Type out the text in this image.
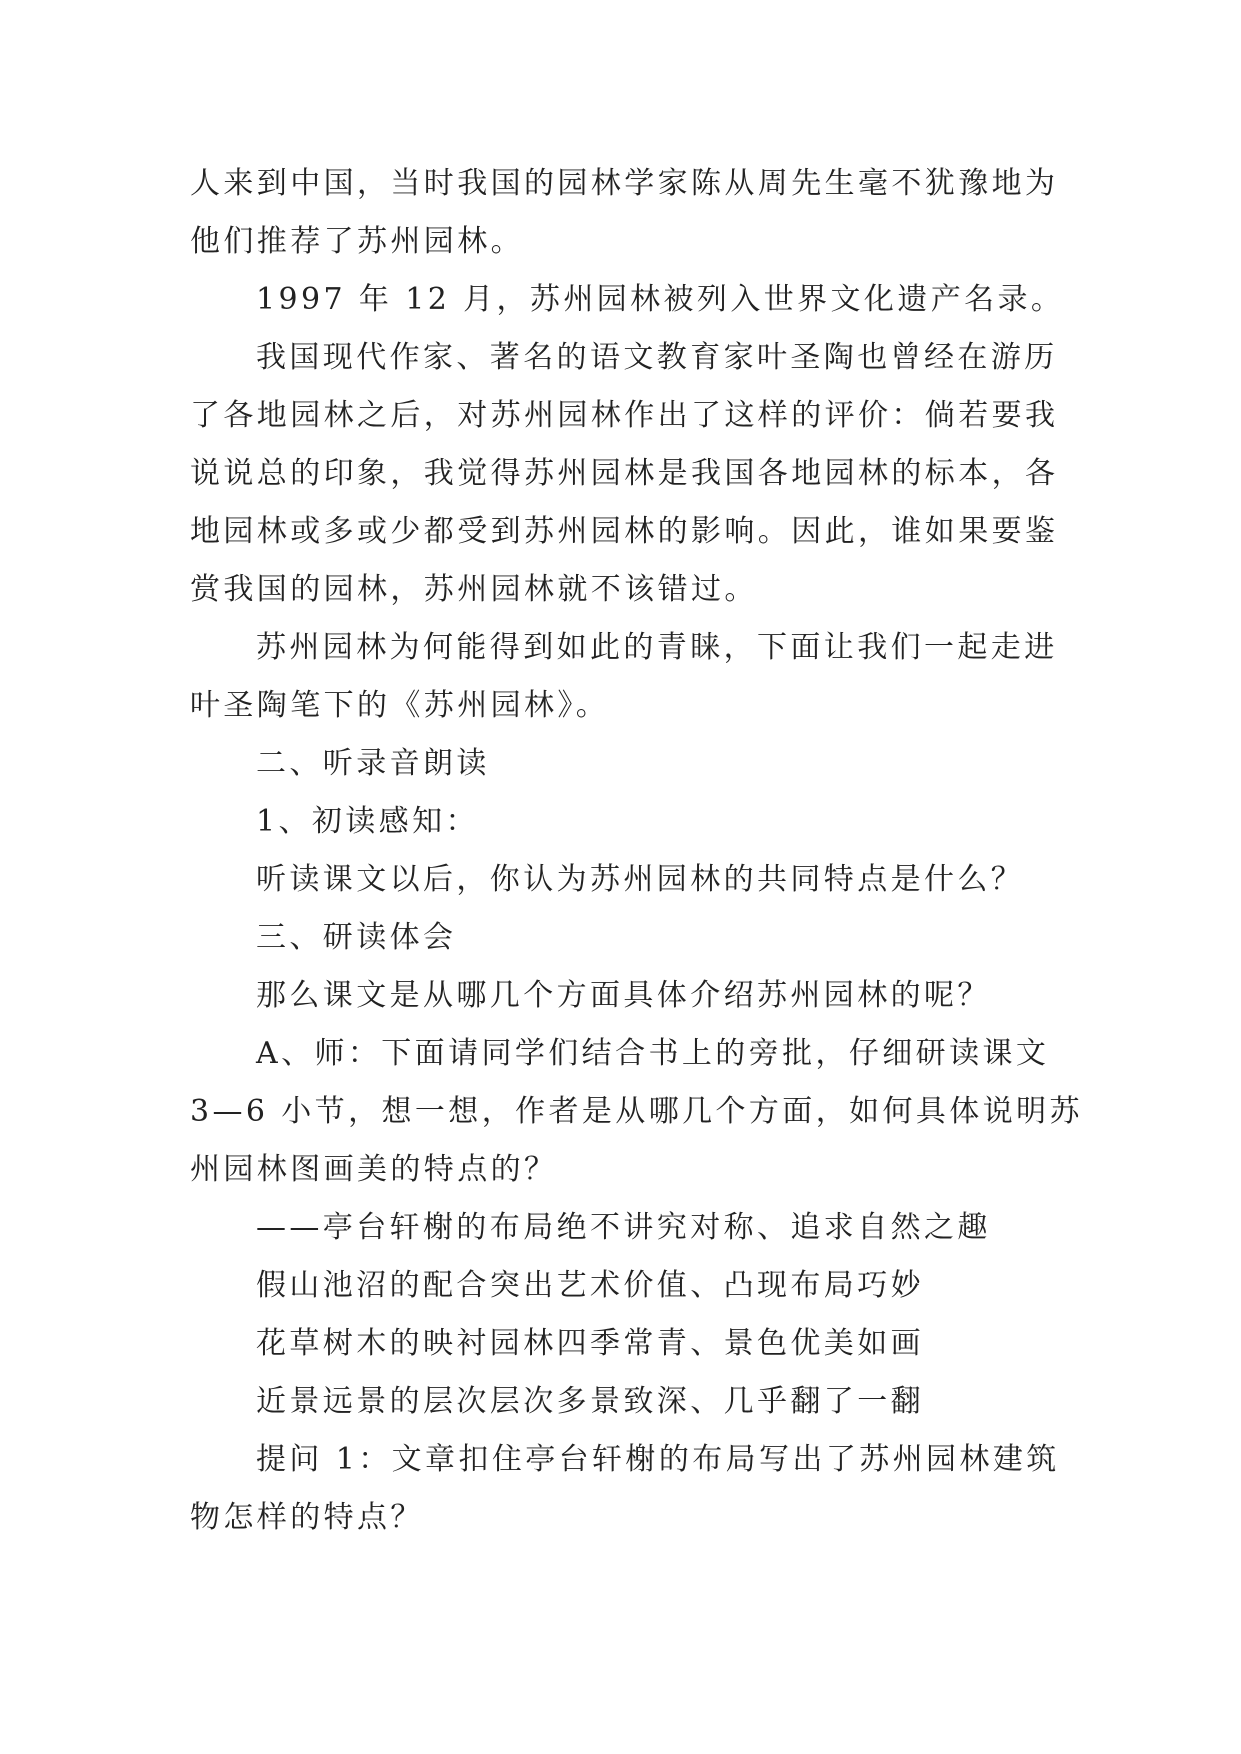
人来到中国，当时我国的园林学家陈从周先生毫不犹豫地为
他们推荐了苏州园林。
1997 年 12 月，苏州园林被列入世界文化遗产名录。
我国现代作家、著名的语文教育家叶圣陶也曾经在游历
了各地园林之后，对苏州园林作出了这样的评价：倘若要我
说说总的印象，我觉得苏州园林是我国各地园林的标本，各
地园林或多或少都受到苏州园林的影响。因此，谁如果要鉴
赏我国的园林，苏州园林就不该错过。
苏州园林为何能得到如此的青睐，下面让我们一起走进
叶圣陶笔下的《苏州园林》。
二、听录音朗读
1、初读感知：
听读课文以后，你认为苏州园林的共同特点是什么？
三、研读体会
那么课文是从哪几个方面具体介绍苏州园林的呢？
A、师：下面请同学们结合书上的旁批，仔细研读课文
3—6 小节，想一想，作者是从哪几个方面，如何具体说明苏
州园林图画美的特点的？
——亭台轩榭的布局绝不讲究对称、追求自然之趣
假山池沼的配合突出艺术价值、凸现布局巧妙
花草树木的映衬园林四季常青、景色优美如画
近景远景的层次层次多景致深、几乎翻了一翻
提问 1：文章扣住亭台轩榭的布局写出了苏州园林建筑
物怎样的特点？
